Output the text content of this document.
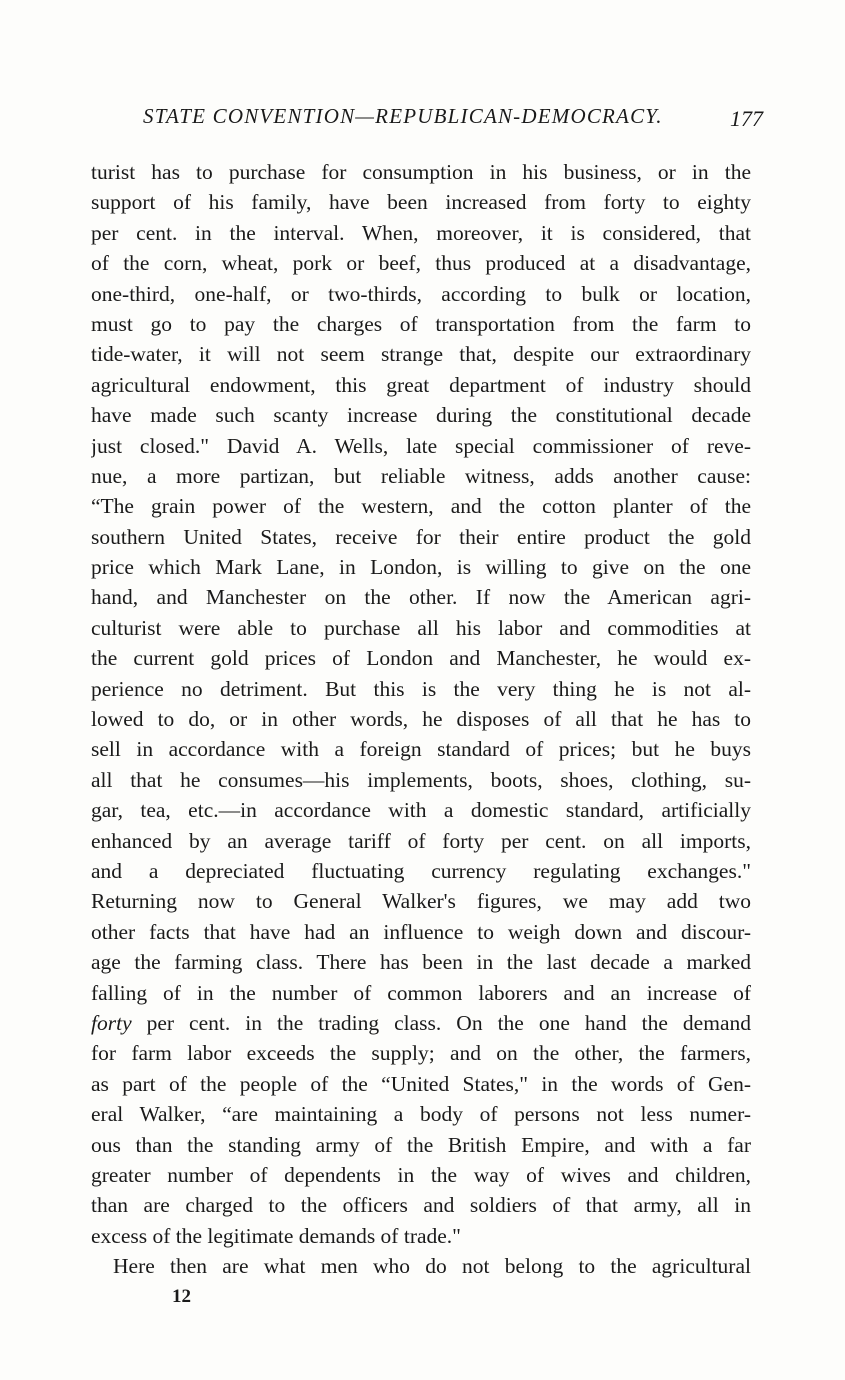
STATE CONVENTION—REPUBLICAN-DEMOCRACY.	177
turist has to purchase for consumption in his business, or in the
support of his family, have been increased from forty to eighty
per cent. in the interval. When, moreover, it is considered, that
of the corn, wheat, pork or beef, thus produced at a disadvantage,
one-third, one-half, or two-thirds, according to bulk or location,
must go to pay the charges of transportation from the farm to
tide-water, it will not seem strange that, despite our extraordinary
agricultural endowment, this great department of industry should
have made such scanty increase during the constitutional decade
just closed." David A. Wells, late special commissioner of reve-
nue, a more partizan, but reliable witness, adds another cause:
“The grain power of the western, and the cotton planter of the
southern United States, receive for their entire product the gold
price which Mark Lane, in London, is willing to give on the one
hand, and Manchester on the other. If now the American agri-
culturist were able to purchase all his labor and commodities at
the current gold prices of London and Manchester, he would ex-
perience no detriment. But this is the very thing he is not al-
lowed to do, or in other words, he disposes of all that he has to
sell in accordance with a foreign standard of prices; but he buys
all that he consumes—his implements, boots, shoes, clothing, su-
gar, tea, etc.—in accordance with a domestic standard, artificially
enhanced by an average tariff of forty per cent. on all imports,
and a depreciated fluctuating currency regulating exchanges."
Returning now to General Walker's figures, we may add two
other facts that have had an influence to weigh down and discour-
age the farming class. There has been in the last decade a marked
falling of in the number of common laborers and an increase of
forty per cent. in the trading class. On the one hand the demand
for farm labor exceeds the supply; and on the other, the farmers,
as part of the people of the “United States," in the words of Gen-
eral Walker, “are maintaining a body of persons not less numer-
ous than the standing army of the British Empire, and with a far
greater number of dependents in the way of wives and children,
than are charged to the officers and soldiers of that army, all in
excess of the legitimate demands of trade."
Here then are what men who do not belong to the agricultural
12
